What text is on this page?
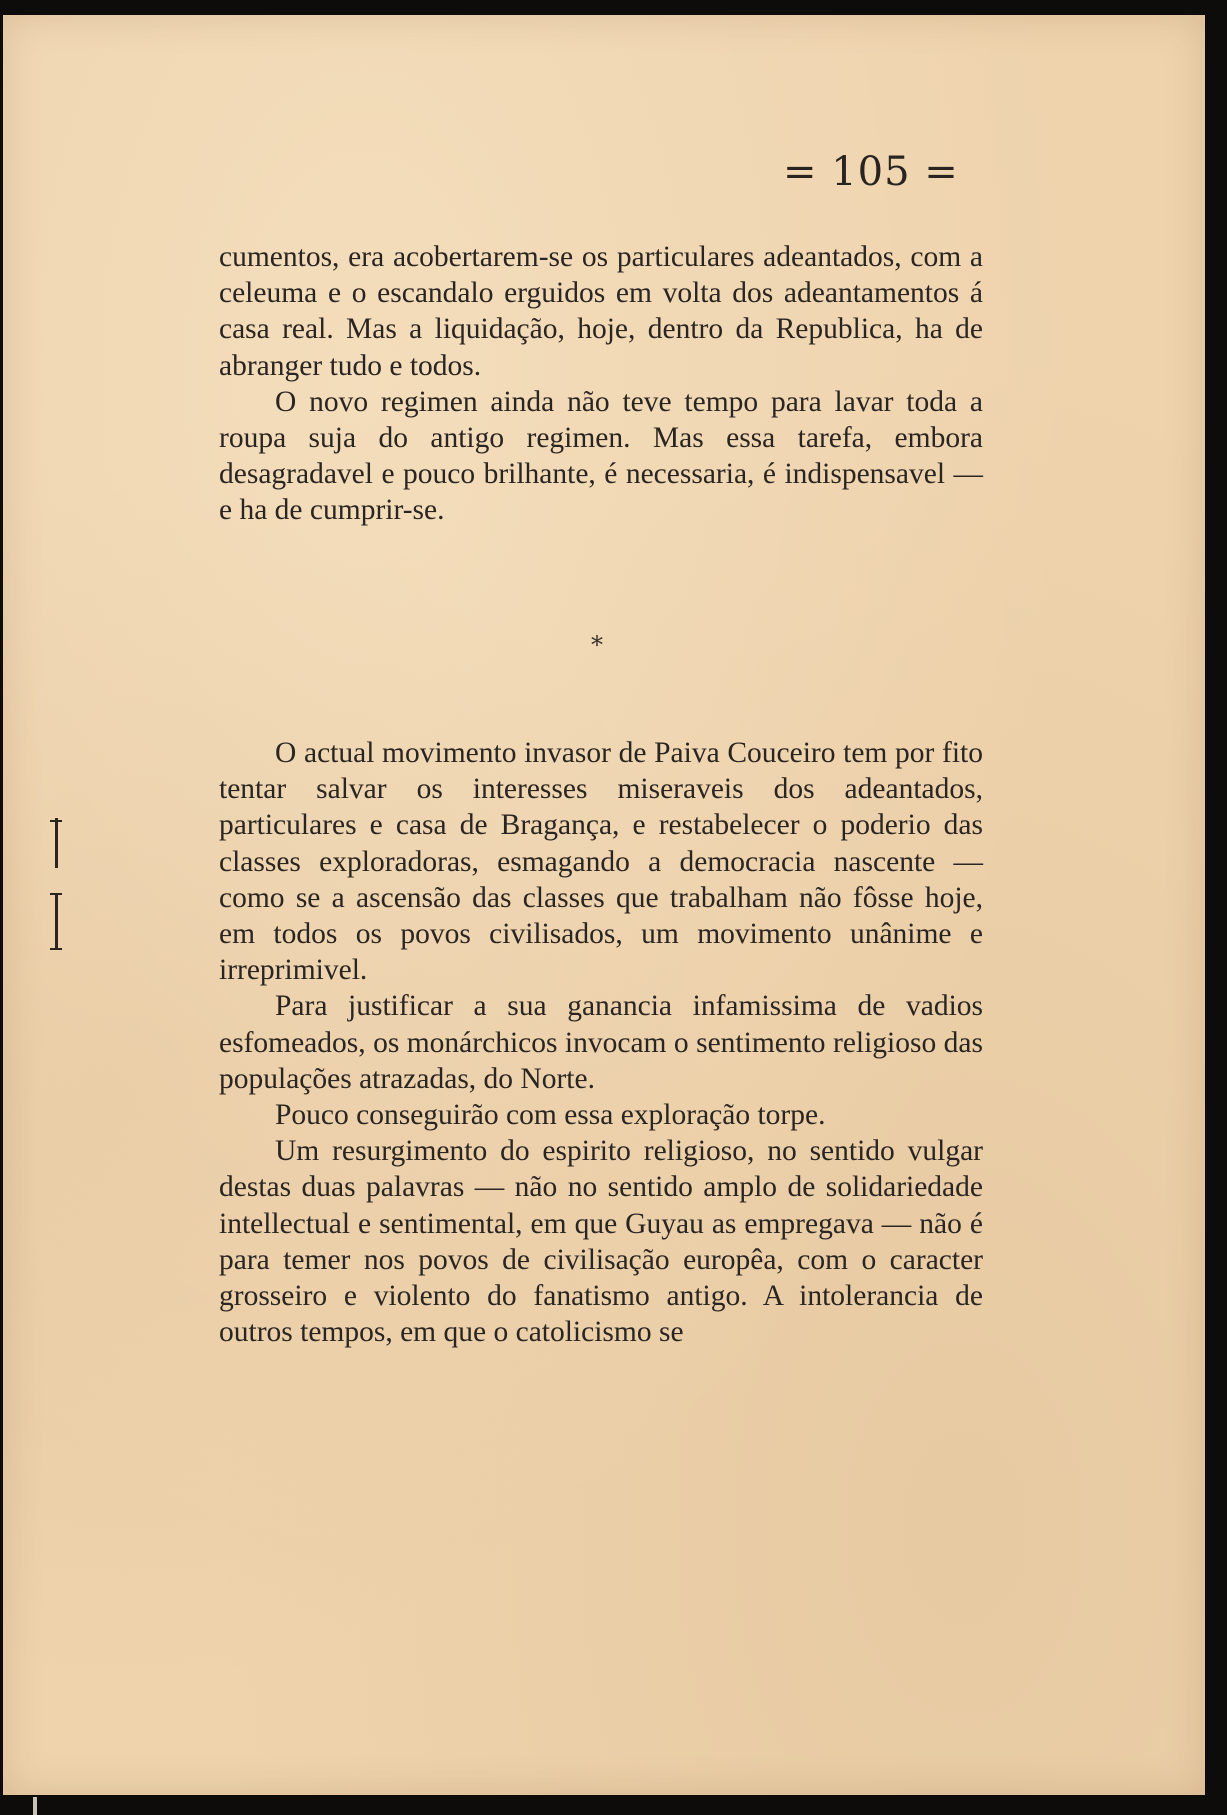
= 105 =

cumentos, era acobertarem-se os particulares adeantados, com a celeuma e o escandalo erguidos em volta dos adeantamentos á casa real. Mas a liquidação, hoje, dentro da Republica, ha de abranger tudo e todos.

O novo regimen ainda não teve tempo para lavar toda a roupa suja do antigo regimen. Mas essa tarefa, embora desagradavel e pouco brilhante, é necessaria, é indispensavel — e ha de cumprir-se.

*

O actual movimento invasor de Paiva Couceiro tem por fito tentar salvar os interesses miseraveis dos adeantados, particulares e casa de Bragança, e restabelecer o poderio das classes exploradoras, esmagando a democracia nascente — como se a ascensão das classes que trabalham não fôsse hoje, em todos os povos civilisados, um movimento unânime e irreprimivel.

Para justificar a sua ganancia infamissima de vadios esfomeados, os monárchicos invocam o sentimento religioso das populações atrazadas, do Norte.

Pouco conseguirão com essa exploração torpe.

Um resurgimento do espirito religioso, no sentido vulgar destas duas palavras — não no sentido amplo de solidariedade intellectual e sentimental, em que Guyau as empregava — não é para temer nos povos de civilisação europêa, com o caracter grosseiro e violento do fanatismo antigo. A intolerancia de outros tempos, em que o catolicismo se
